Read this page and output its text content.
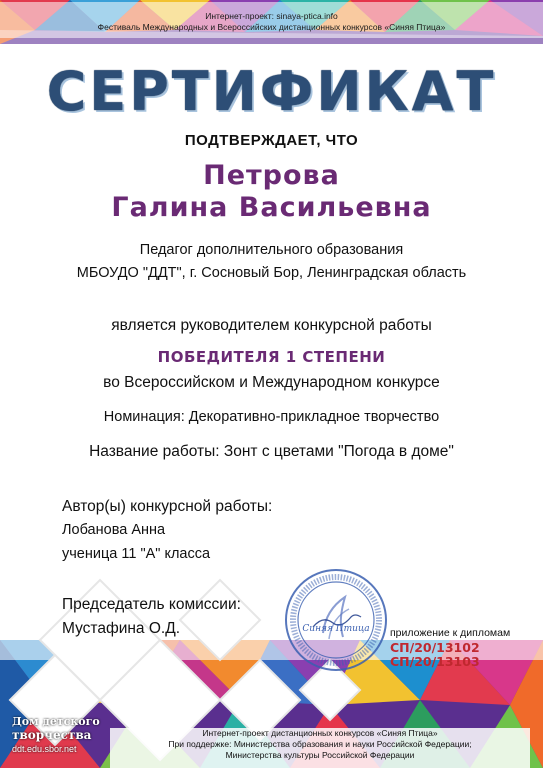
Интернет-проект: sinaya-ptica.info
Фестиваль Международных и Всероссийских дистанционных конкурсов «Синяя Птица»
СЕРТИФИКАТ
ПОДТВЕРЖДАЕТ, ЧТО
Петрова
Галина Васильевна
Педагог дополнительного образования
МБОУДО "ДДТ", г. Сосновый Бор, Ленинградская область
является руководителем конкурсной работы
ПОБЕДИТЕЛЯ 1 СТЕПЕНИ
во Всероссийском и Международном конкурсе
Номинация: Декоративно-прикладное творчество
Название работы: Зонт с цветами "Погода в доме"
Автор(ы) конкурсной работы:
Лобанова Анна
ученица 11 "А" класса
Председатель комиссии:
Мустафина О.Д.	Синяя Птица приложение к дипломам
СП/20/13102
СП/20/13103
Дом детского
творчества
ddt.edu.sbor.net
Интернет-проект дистанционных конкурсов «Синяя Птица»
При поддержке: Министерства образования и науки Российской Федерации;
Министерства культуры Российской Федерации
